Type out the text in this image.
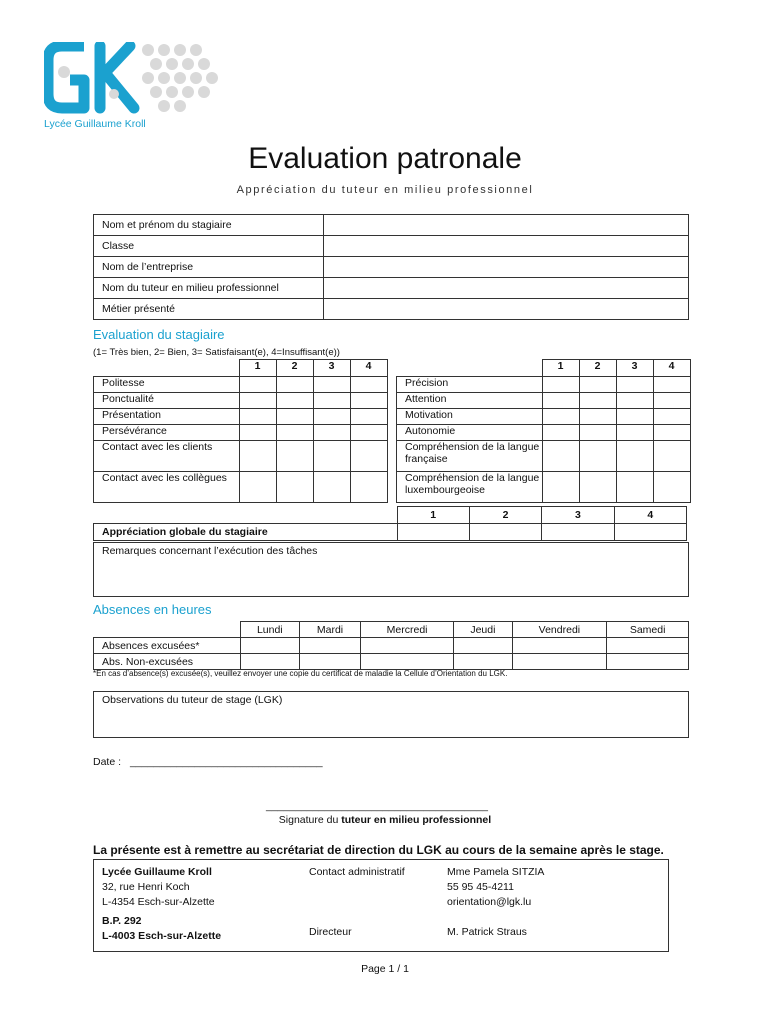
Lycée Guillaume Kroll
Evaluation patronale
Appréciation du tuteur en milieu professionnel
Nom et prénom du stagiaire	
Classe	
Nom de l’entreprise	
Nom du tuteur en milieu professionnel	
Métier présenté	
Evaluation du stagiaire
(1= Très bien, 2= Bien, 3= Satisfaisant(e), 4=Insuffisant(e))
	1	2	3	4
Politesse				
Ponctualité				
Présentation				
Persévérance				
Contact avec les clients				
Contact avec les collègues				
	1	2	3	4
Précision				
Attention				
Motivation				
Autonomie				
Compréhension de la langue française				
Compréhension de la langue luxembourgeoise				
	1	2	3	4
Appréciation globale du stagiaire				
Remarques concernant l’exécution des tâches
Absences en heures
	Lundi	Mardi	Mercredi	Jeudi	Vendredi	Samedi
Absences excusées*						
Abs. Non-excusées						
*En cas d’absence(s) excusée(s), veuillez envoyer une copie du certificat de maladie la Cellule d’Orientation du LGK.
Observations du tuteur de stage (LGK)
Date : _________________________________
______________________________________
Signature du tuteur en milieu professionnel
La présente est à remettre au secrétariat de direction du LGK au cours de la semaine après le stage.
Lycée Guillaume Kroll
32, rue Henri Koch
L-4354 Esch-sur-Alzette
B.P. 292
L-4003 Esch-sur-Alzette
Contact administratif	Mme Pamela SITZIA
55 95 45-4211
orientation@lgk.lu
Directeur	M. Patrick Straus
Page 1 / 1
